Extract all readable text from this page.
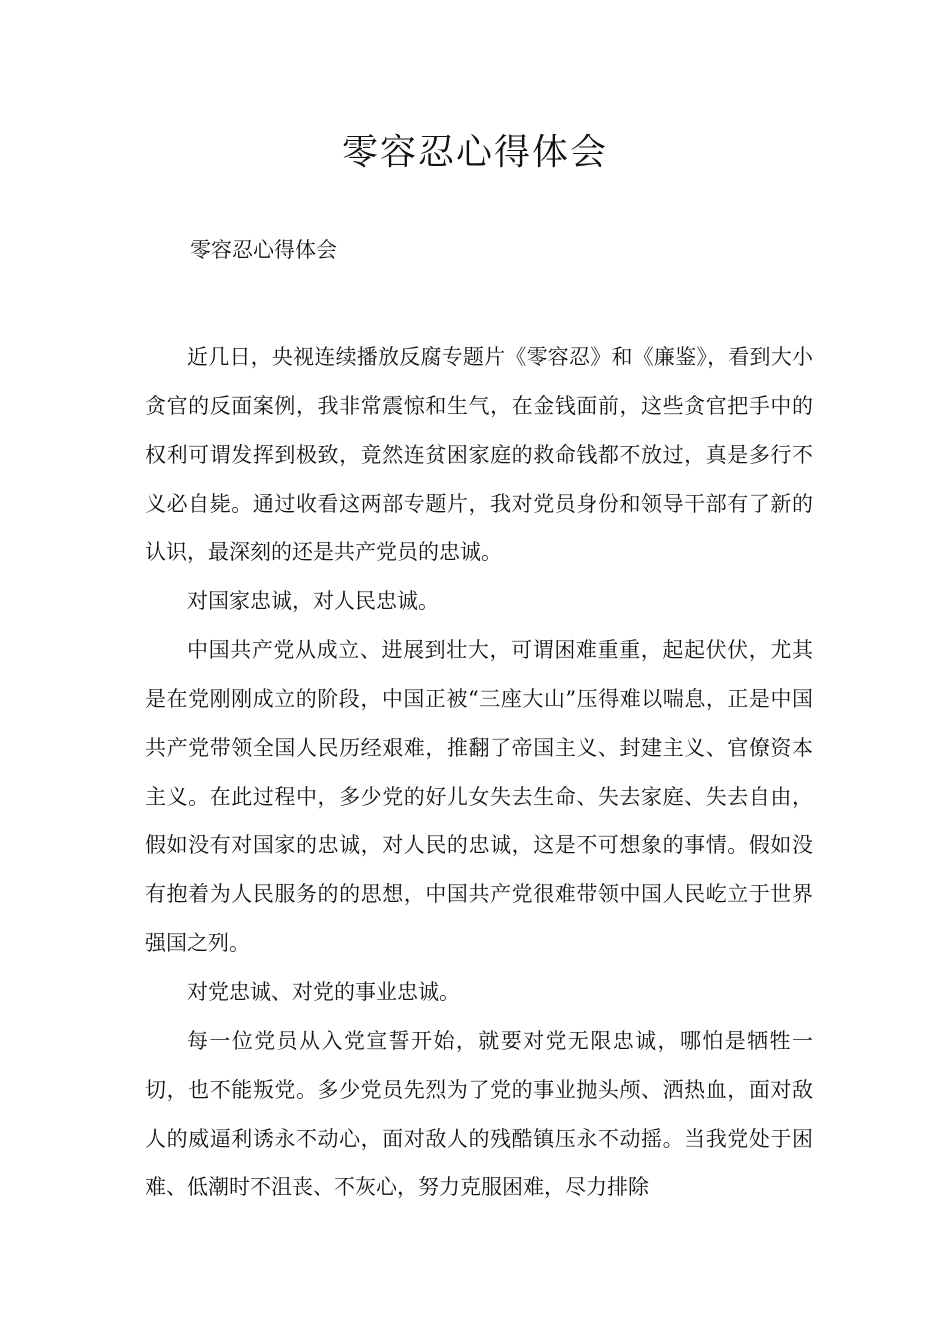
零容忍心得体会
零容忍心得体会

近几日，央视连续播放反腐专题片《零容忍》和《廉鉴》，看到大小贪官的反面案例，我非常震惊和生气，在金钱面前，这些贪官把手中的权利可谓发挥到极致，竟然连贫困家庭的救命钱都不放过，真是多行不义必自毙。通过收看这两部专题片，我对党员身份和领导干部有了新的认识，最深刻的还是共产党员的忠诚。

对国家忠诚，对人民忠诚。

中国共产党从成立、进展到壮大，可谓困难重重，起起伏伏，尤其是在党刚刚成立的阶段，中国正被“三座大山”压得难以喘息，正是中国共产党带领全国人民历经艰难，推翻了帝国主义、封建主义、官僚资本主义。在此过程中，多少党的好儿女失去生命、失去家庭、失去自由，假如没有对国家的忠诚，对人民的忠诚，这是不可想象的事情。假如没有抱着为人民服务的的思想，中国共产党很难带领中国人民屹立于世界强国之列。

对党忠诚、对党的事业忠诚。

每一位党员从入党宣誓开始，就要对党无限忠诚，哪怕是牺牲一切，也不能叛党。多少党员先烈为了党的事业抛头颅、洒热血，面对敌人的威逼利诱永不动心，面对敌人的残酷镇压永不动摇。当我党处于困难、低潮时不沮丧、不灰心，努力克服困难，尽力排除
